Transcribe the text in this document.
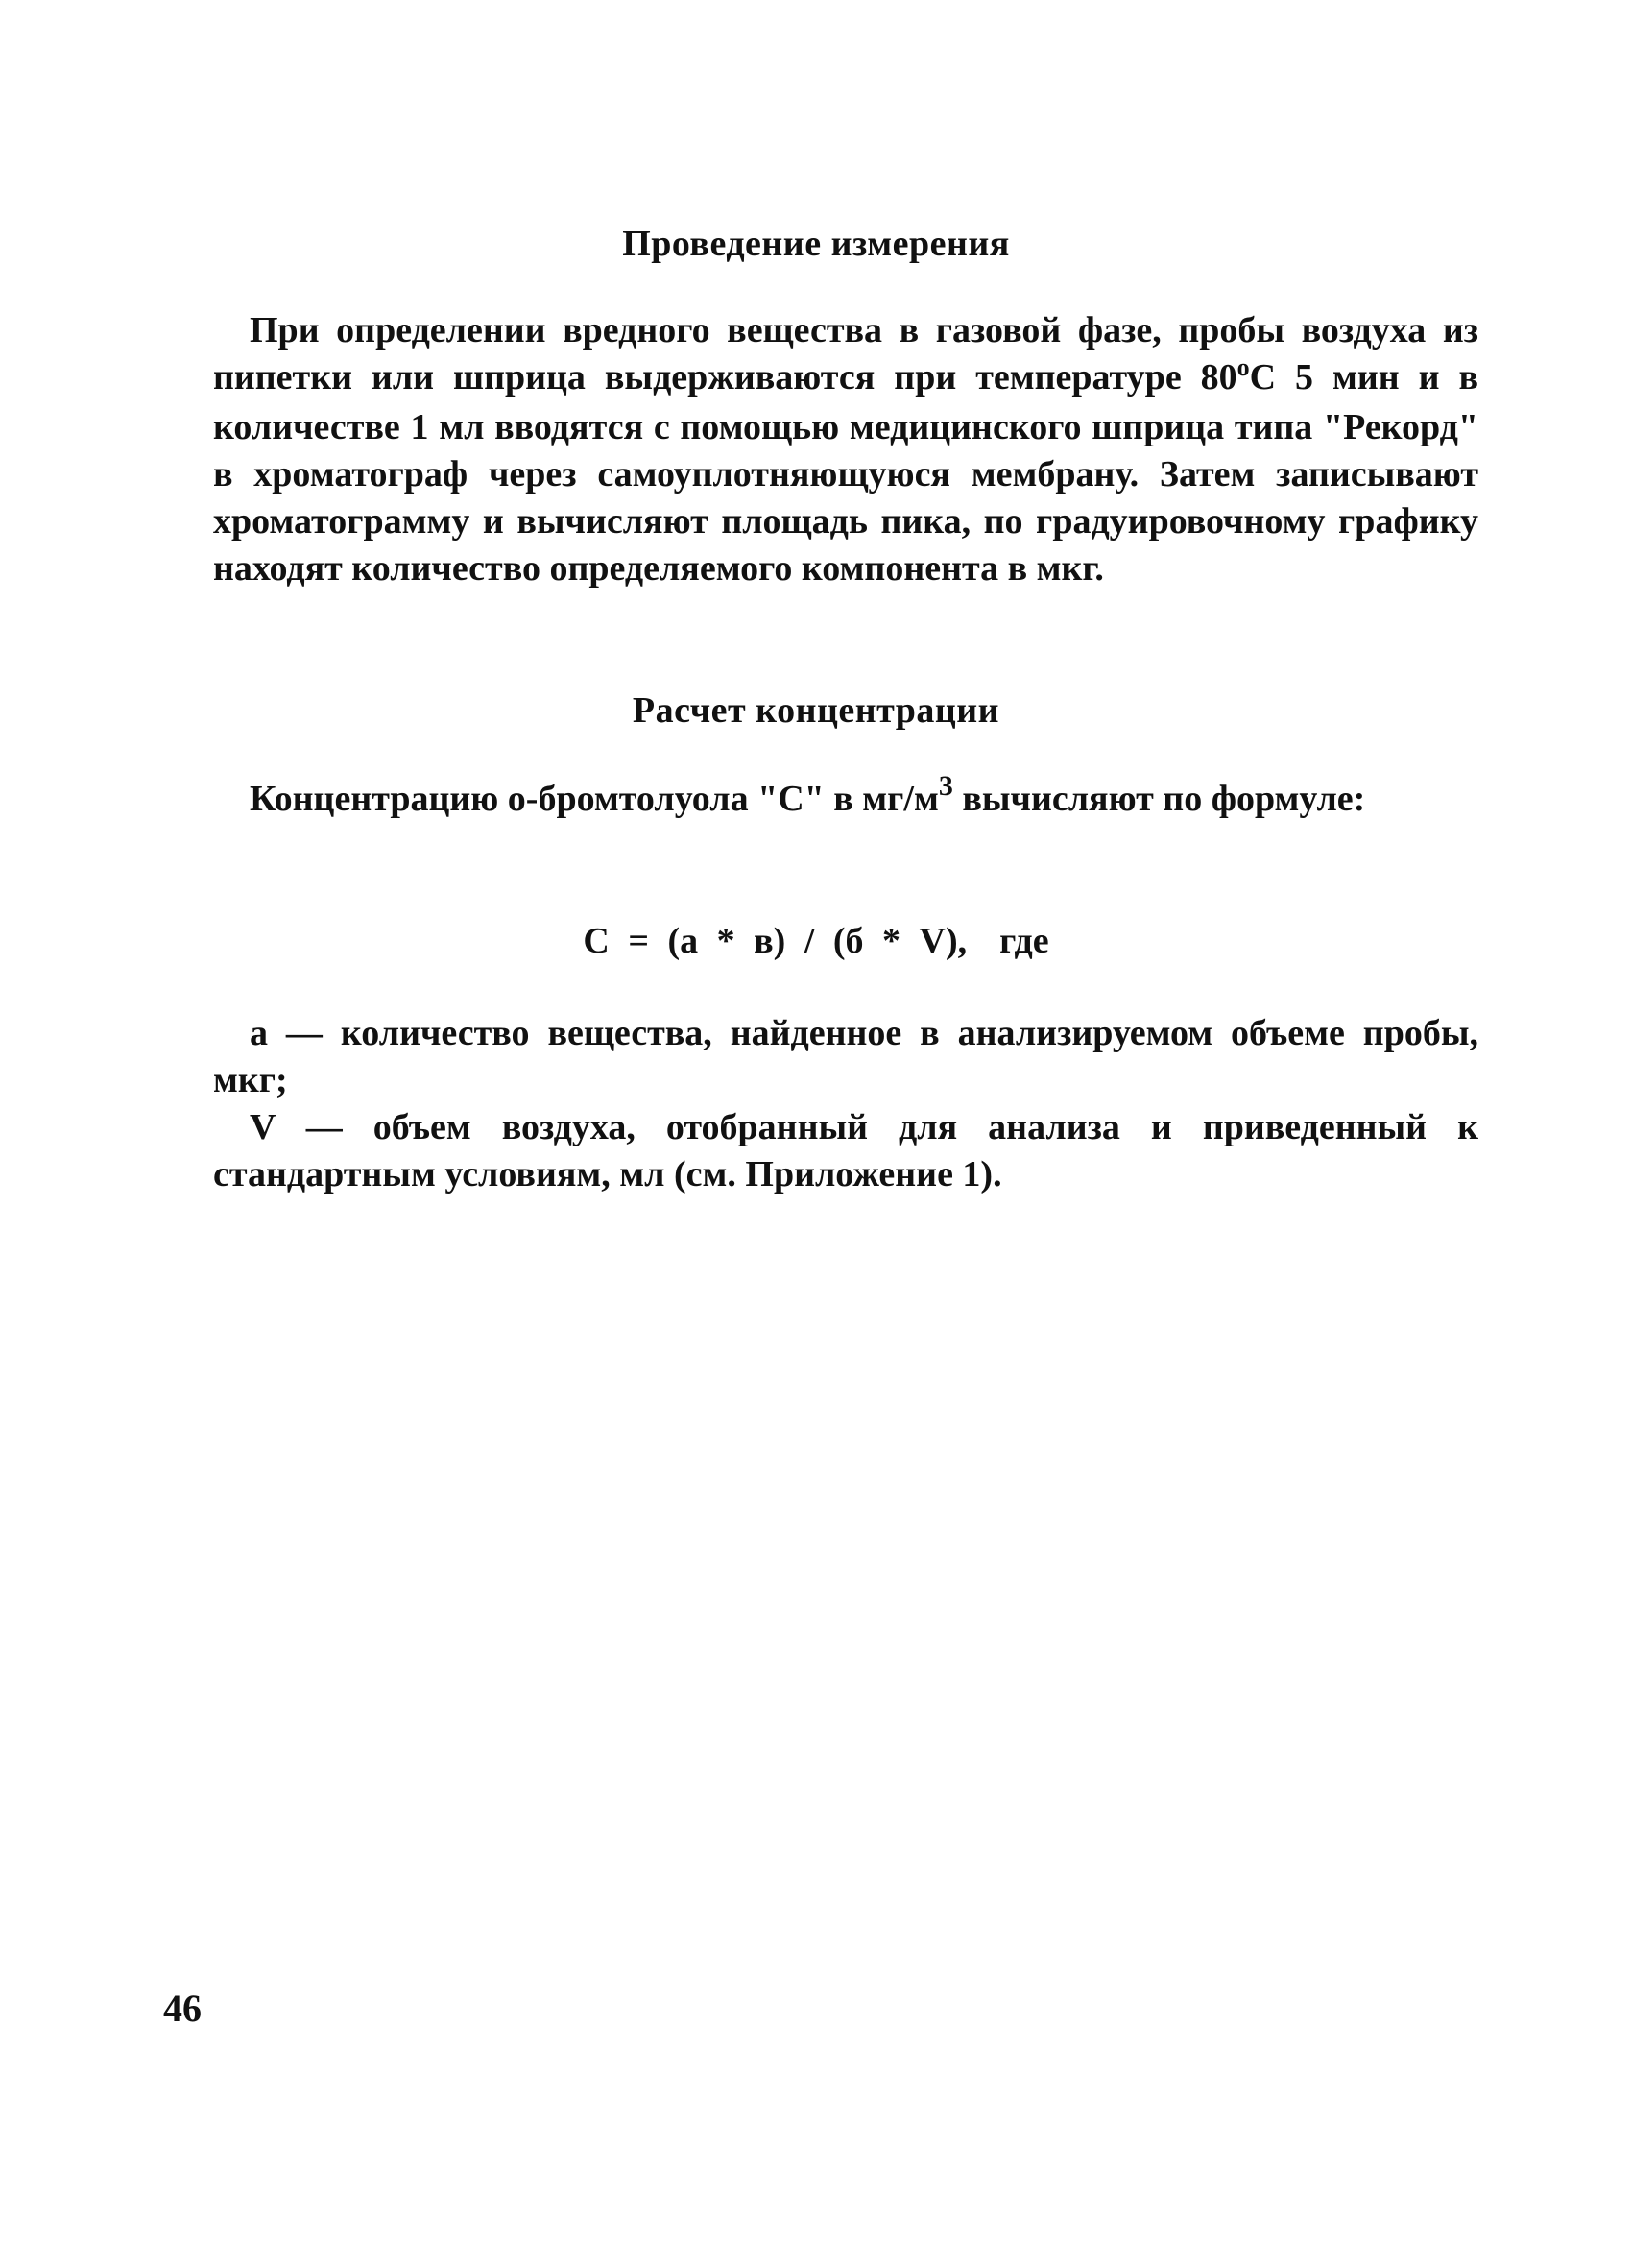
Проведение измерения
При определении вредного вещества в газовой фазе, пробы воздуха из пипетки или шприца выдерживаются при температуре $80^оС$ 5 мин и в количестве 1 мл вводятся с помощью медицинского шприца типа "Рекорд" в хроматограф через самоуплотняющуюся мембрану. Затем записывают хроматограмму и вычисляют площадь пика, по градуировочному графику находят количество определяемого компонента в мкг.
Расчет концентрации
Концентрацию о-бромтолуола "С" в $мг/м^3$ вычисляют по формуле:
С = (а * в) / (б * V), где
а — количество вещества, найденное в анализируемом объеме пробы, мкг;
V — объем воздуха, отобранный для анализа и приведенный к стандартным условиям, мл (см. Приложение 1).
46
